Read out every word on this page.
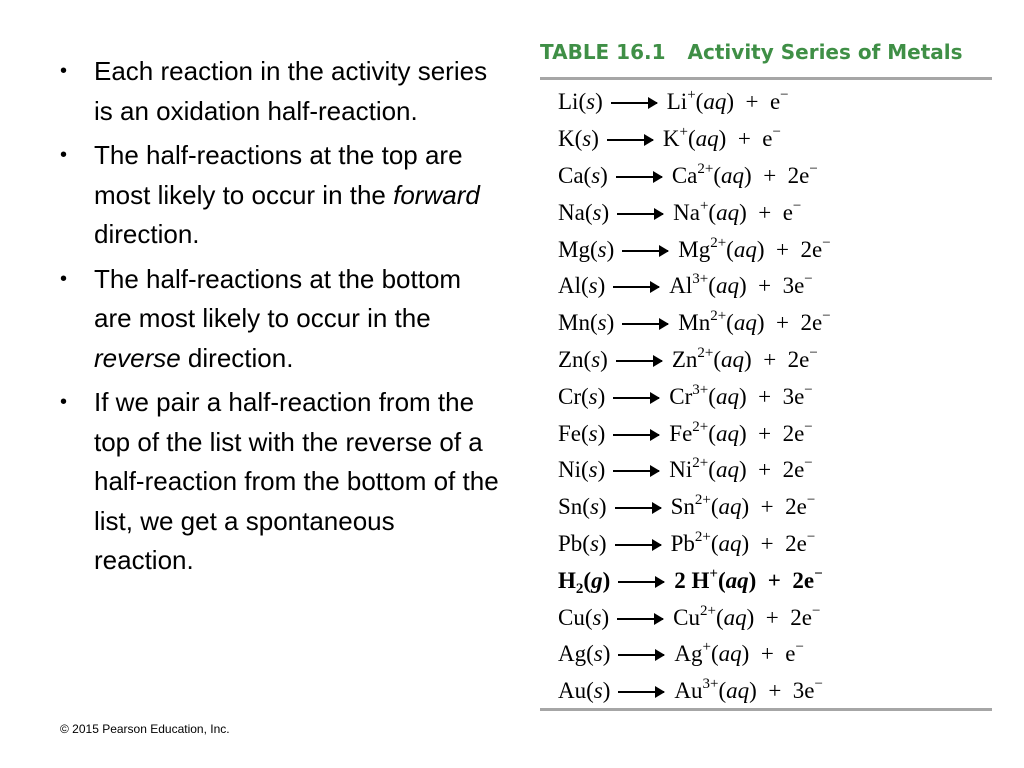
• Each reaction in the activity series is an oxidation half-reaction.
• The half-reactions at the top are most likely to occur in the forward direction.
• The half-reactions at the bottom are most likely to occur in the reverse direction.
• If we pair a half-reaction from the top of the list with the reverse of a half-reaction from the bottom of the list, we get a spontaneous reaction.
TABLE 16.1 Activity Series of Metals
Li(s) → Li+(aq)  +  e−
K(s) → K+(aq)  +  e−
$Ca(s) \to Ca^{2+}(aq) + 2e^-$
Na(s) → Na+(aq)  +  e−
$Mg(s) \to Mg^{2+}(aq) + 2e^-$
$Al(s) \to Al^{3+}(aq) + 3e^-$
$Mn(s) \to Mn^{2+}(aq) + 2e^-$
$Zn(s) \to Zn^{2+}(aq) + 2e^-$
$Cr(s) \to Cr^{3+}(aq) + 3e^-$
$Fe(s) \to Fe^{2+}(aq) + 2e^-$
$Ni(s) \to Ni^{2+}(aq) + 2e^-$
$Sn(s) \to Sn^{2+}(aq) + 2e^-$
$Pb(s) \to Pb^{2+}(aq) + 2e^-$
$H_2(g) \to 2$ H+(aq)  +  2e−
$Cu(s) \to Cu^{2+}(aq) + 2e^-$
Ag(s) → Ag+(aq)  +  e−
$Au(s) \to Au^{3+}(aq) + 3e^-$
© 2015 Pearson Education, Inc.
